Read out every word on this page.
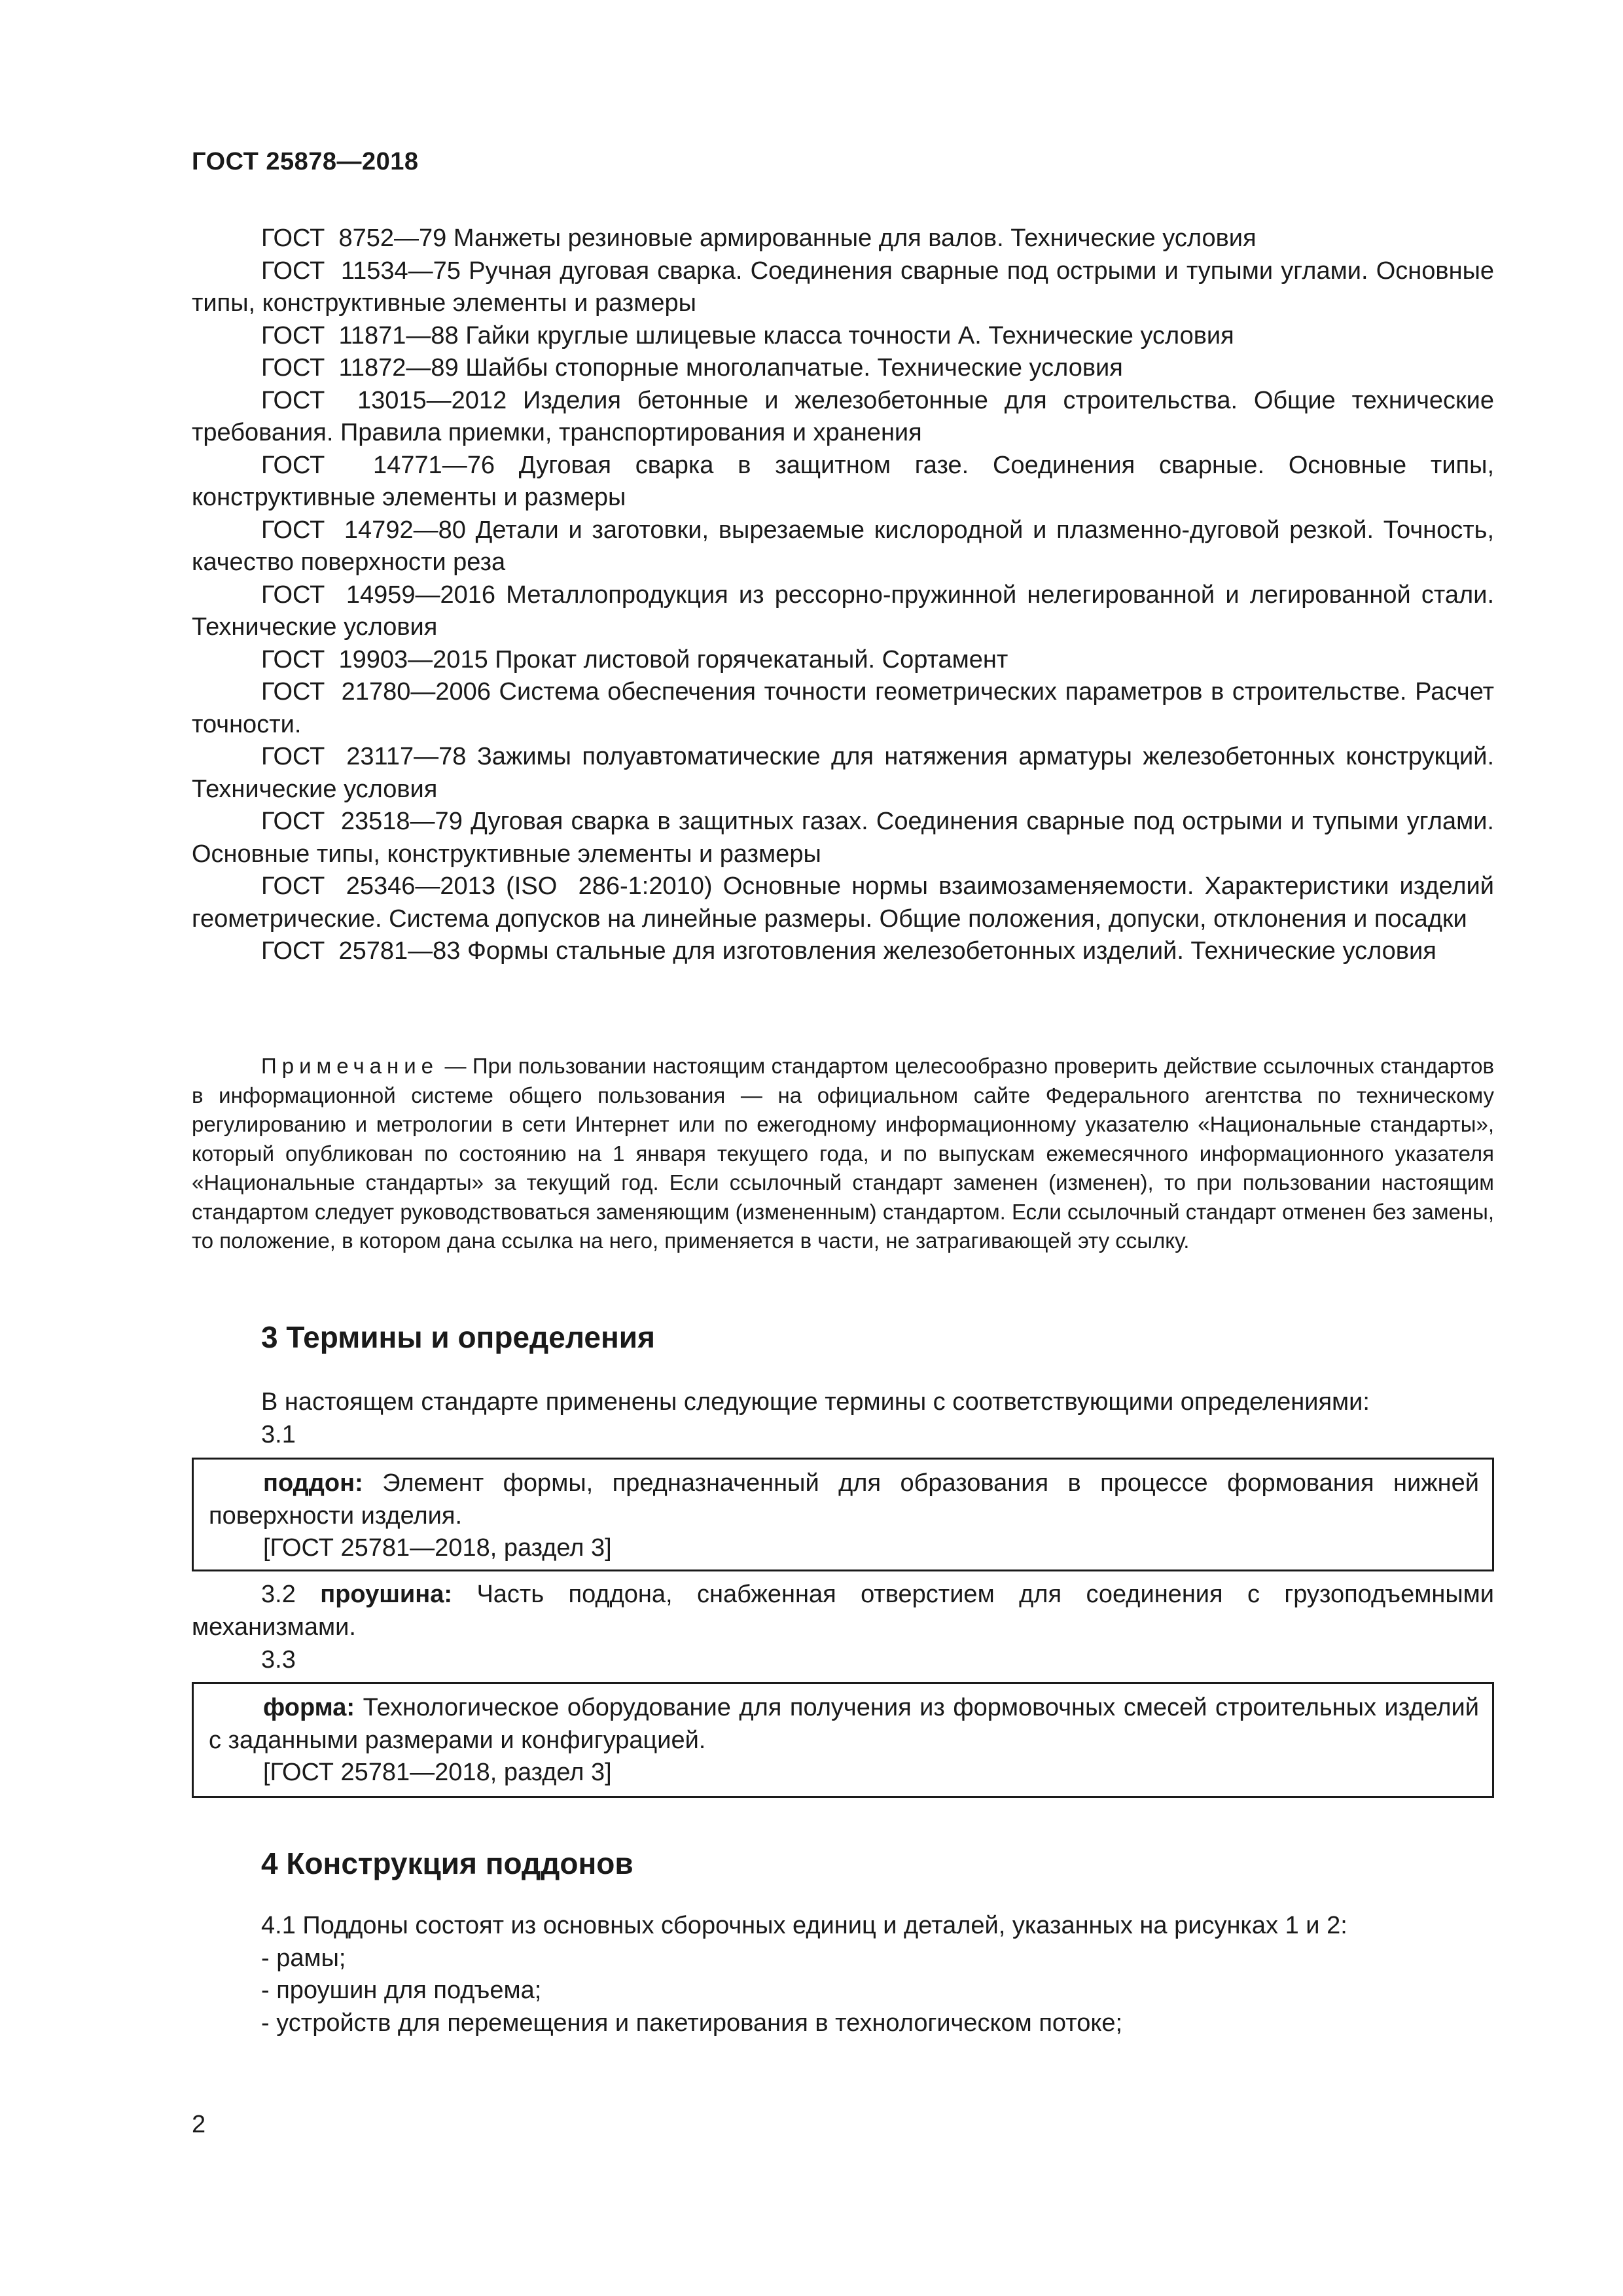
ГОСТ 25878—2018

ГОСТ  8752—79 Манжеты резиновые армированные для валов. Технические условия

ГОСТ  11534—75 Ручная дуговая сварка. Соединения сварные под острыми и тупыми углами. Основные типы, конструктивные элементы и размеры

ГОСТ  11871—88 Гайки круглые шлицевые класса точности А. Технические условия

ГОСТ  11872—89 Шайбы стопорные многолапчатые. Технические условия

ГОСТ  13015—2012 Изделия бетонные и железобетонные для строительства. Общие технические требования. Правила приемки, транспортирования и хранения

ГОСТ  14771—76 Дуговая сварка в защитном газе. Соединения сварные. Основные типы, конструктивные элементы и размеры

ГОСТ  14792—80 Детали и заготовки, вырезаемые кислородной и плазменно-дуговой резкой. Точность, качество поверхности реза

ГОСТ  14959—2016 Металлопродукция из рессорно-пружинной нелегированной и легированной стали. Технические условия

ГОСТ  19903—2015 Прокат листовой горячекатаный. Сортамент

ГОСТ  21780—2006 Система обеспечения точности геометрических параметров в строительстве. Расчет точности.

ГОСТ  23117—78 Зажимы полуавтоматические для натяжения арматуры железобетонных конструкций. Технические условия

ГОСТ  23518—79 Дуговая сварка в защитных газах. Соединения сварные под острыми и тупыми углами. Основные типы, конструктивные элементы и размеры

ГОСТ  25346—2013 (ISO  286-1:2010) Основные нормы взаимозаменяемости. Характеристики изделий геометрические. Система допусков на линейные размеры. Общие положения, допуски, отклонения и посадки

ГОСТ  25781—83 Формы стальные для изготовления железобетонных изделий. Технические условия

Примечание — При пользовании настоящим стандартом целесообразно проверить действие ссылочных стандартов в информационной системе общего пользования — на официальном сайте Федерального агентства по техническому регулированию и метрологии в сети Интернет или по ежегодному информационному указателю «Национальные стандарты», который опубликован по состоянию на 1 января текущего года, и по выпускам ежемесячного информационного указателя «Национальные стандарты» за текущий год. Если ссылочный стандарт заменен (изменен), то при пользовании настоящим стандартом следует руководствоваться заменяющим (измененным) стандартом. Если ссылочный стандарт отменен без замены, то положение, в котором дана ссылка на него, применяется в части, не затрагивающей эту ссылку.

3 Термины и определения

В настоящем стандарте применены следующие термины с соответствующими определениями:

3.1

поддон: Элемент формы, предназначенный для образования в процессе формования нижней поверхности изделия.

[ГОСТ 25781—2018, раздел 3]

3.2 проушина: Часть поддона, снабженная отверстием для соединения с грузоподъемными механизмами.

3.3

форма: Технологическое оборудование для получения из формовочных смесей строительных изделий с заданными размерами и конфигурацией.

[ГОСТ 25781—2018, раздел 3]

4 Конструкция поддонов
4.1 Поддоны состоят из основных сборочных единиц и деталей, указанных на рисунках 1 и 2:
- рамы;
- проушин для подъема;
- устройств для перемещения и пакетирования в технологическом потоке;
2
